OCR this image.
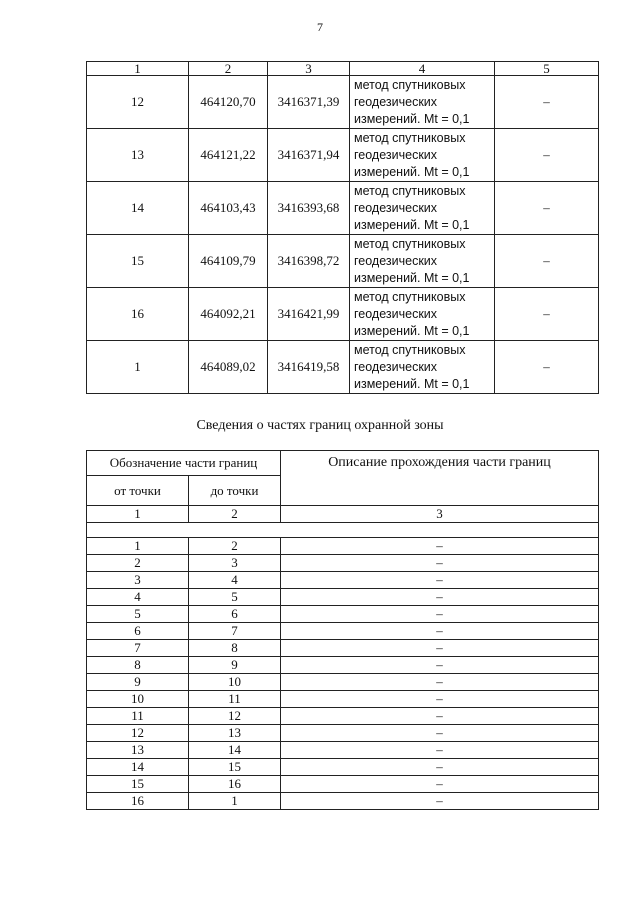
7
1	2	3	4	5
12	464120,70	3416371,39	метод спутниковых
геодезических
измерений. Mt = 0,1	–
13	464121,22	3416371,94	метод спутниковых
геодезических
измерений. Mt = 0,1	–
14	464103,43	3416393,68	метод спутниковых
геодезических
измерений. Mt = 0,1	–
15	464109,79	3416398,72	метод спутниковых
геодезических
измерений. Mt = 0,1	–
16	464092,21	3416421,99	метод спутниковых
геодезических
измерений. Mt = 0,1	–
1	464089,02	3416419,58	метод спутниковых
геодезических
измерений. Mt = 0,1	–
Сведения о частях границ охранной зоны
Обозначение части границ		Описание прохождения части границ
от точки	до точки	
1	2	3

1	2	–
2	3	–
3	4	–
4	5	–
5	6	–
6	7	–
7	8	–
8	9	–
9	10	–
10	11	–
11	12	–
12	13	–
13	14	–
14	15	–
15	16	–
16	1	–
